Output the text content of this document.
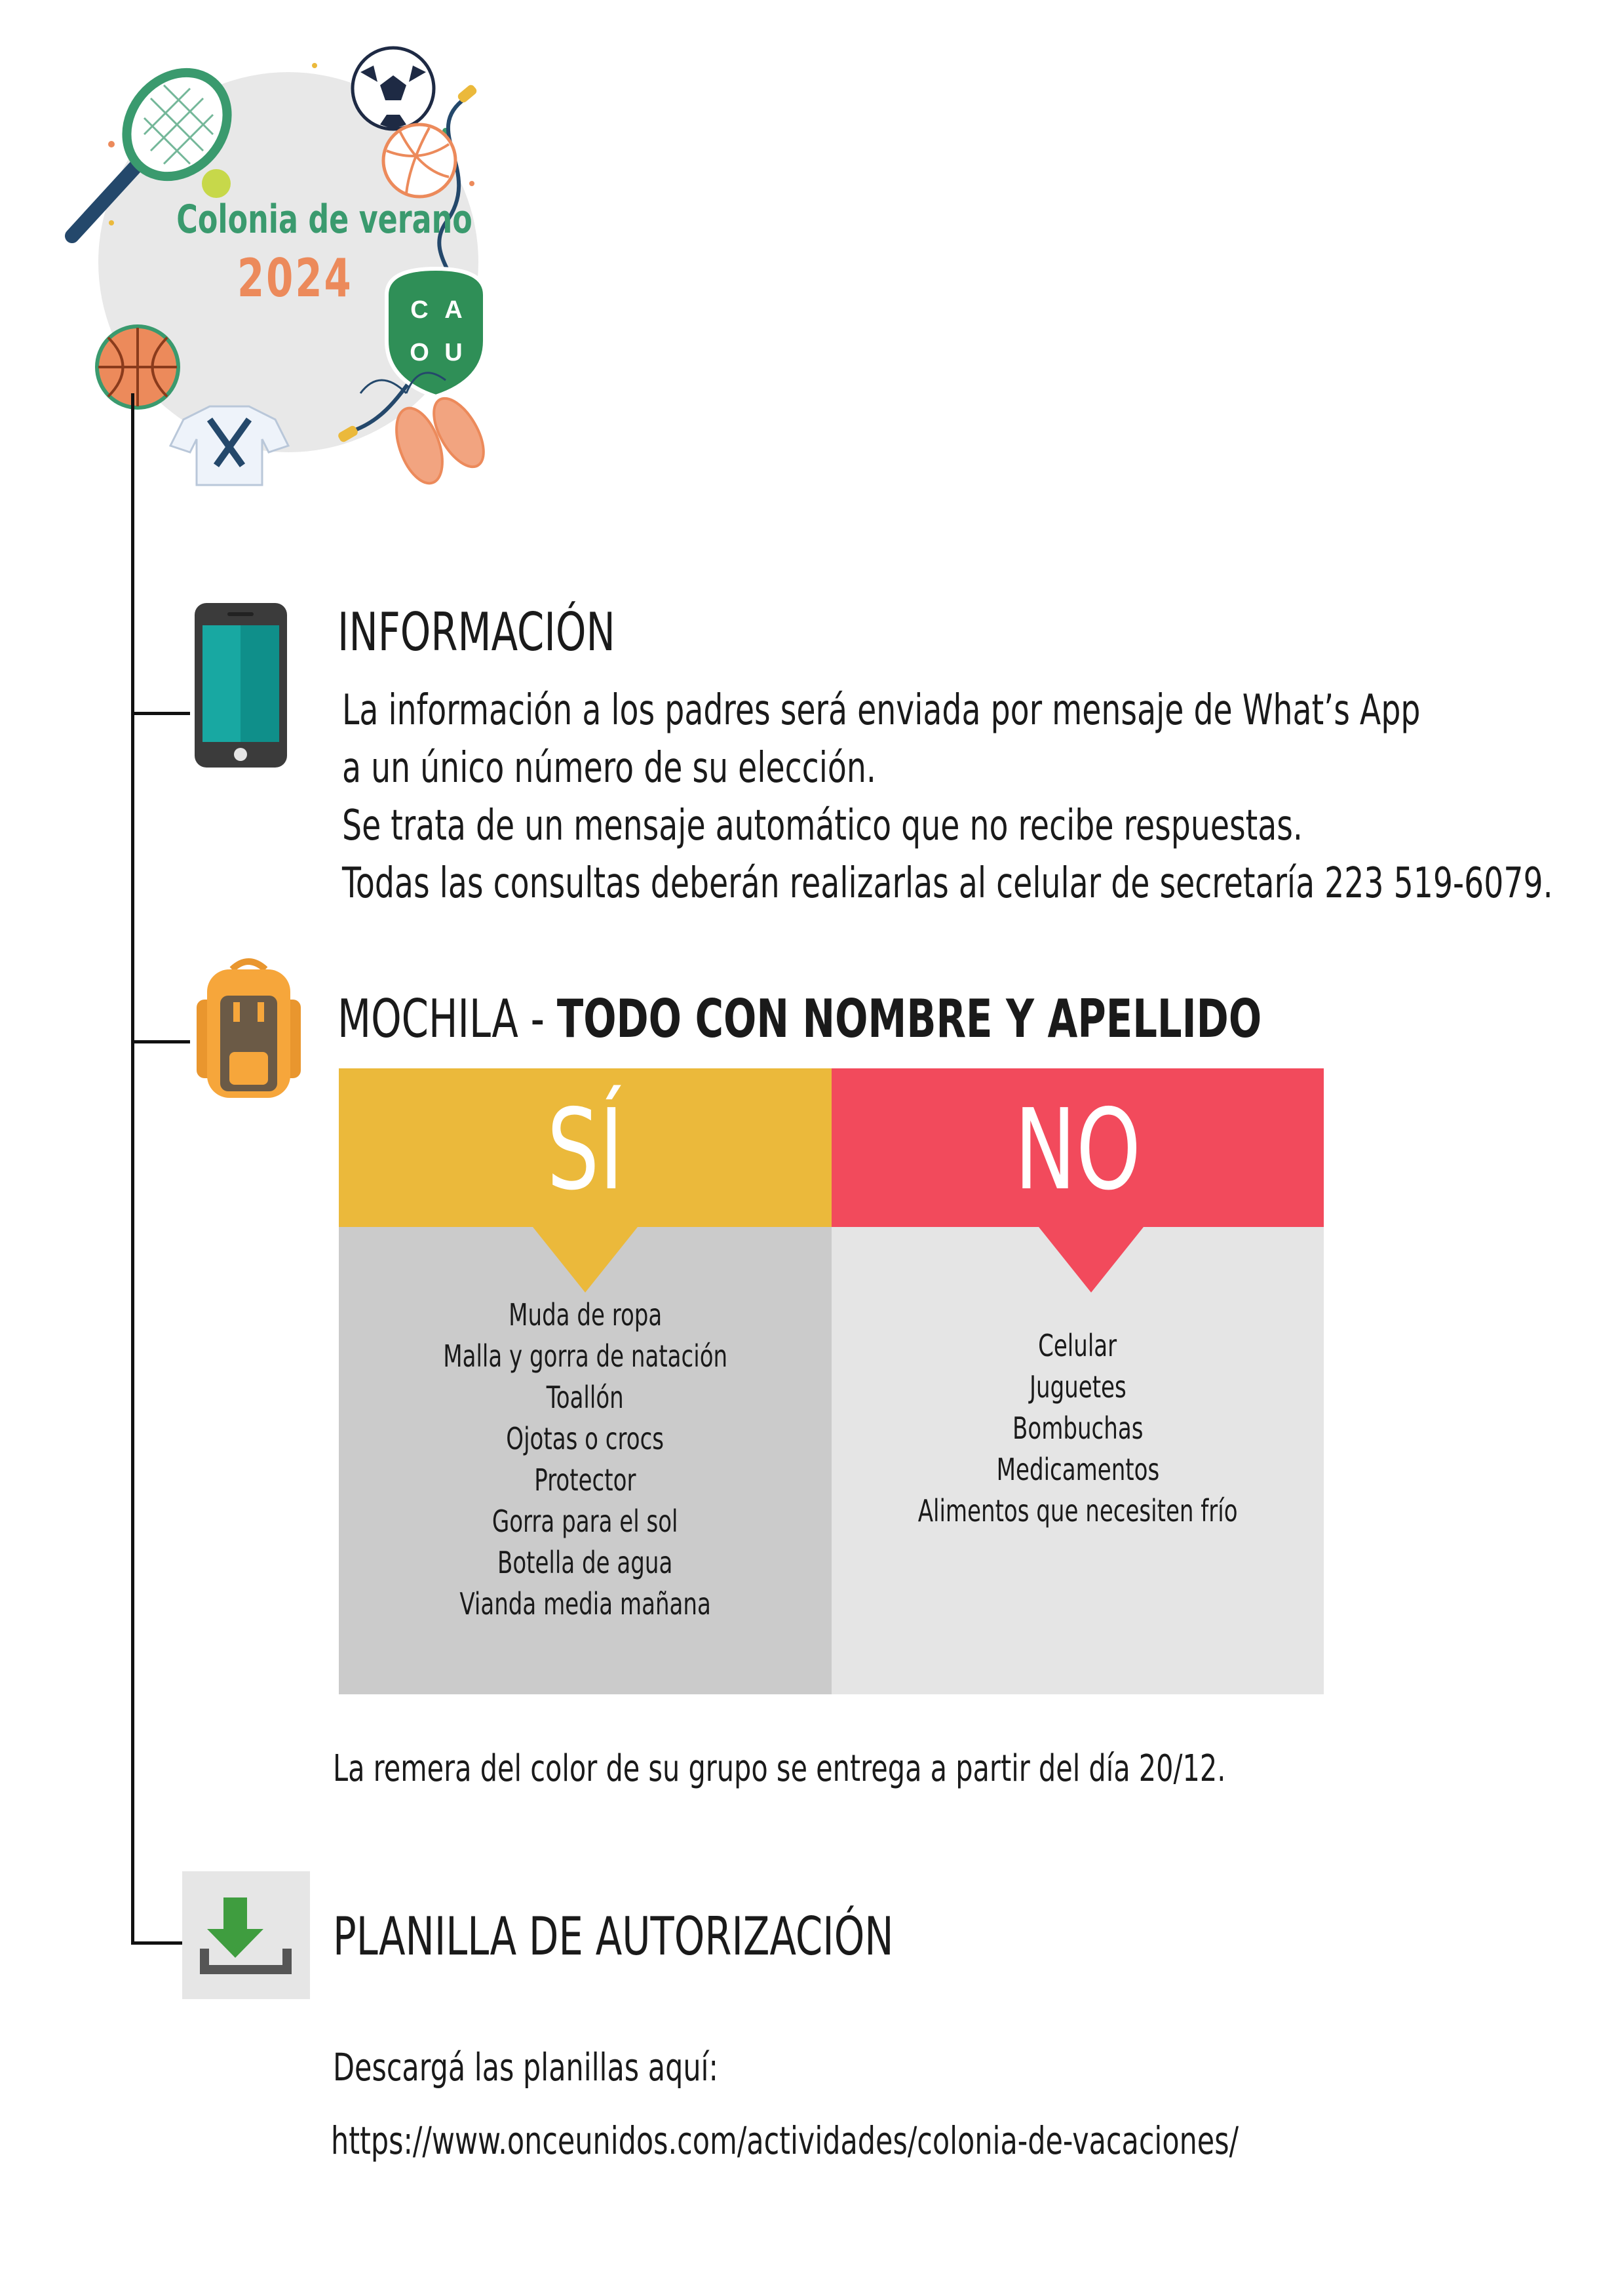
C A
O U
Colonia de verano
2024
INFORMACIÓN
La información a los padres será enviada por mensaje de What’s App
a un único número de su elección.
Se trata de un mensaje automático que no recibe respuestas.
Todas las consultas deberán realizarlas al celular de secretaría 223 519-6079.
MOCHILA - TODO CON NOMBRE Y APELLIDO
SÍ	NO
Muda de ropa
Malla y gorra de natación
Toallón
Ojotas o crocs
Protector
Gorra para el sol
Botella de agua
Vianda media mañana
Celular
Juguetes
Bombuchas
Medicamentos
Alimentos que necesiten frío
La remera del color de su grupo se entrega a partir del día 20/12.
PLANILLA DE AUTORIZACIÓN
Descargá las planillas aquí:
https://www.onceunidos.com/actividades/colonia-de-vacaciones/
